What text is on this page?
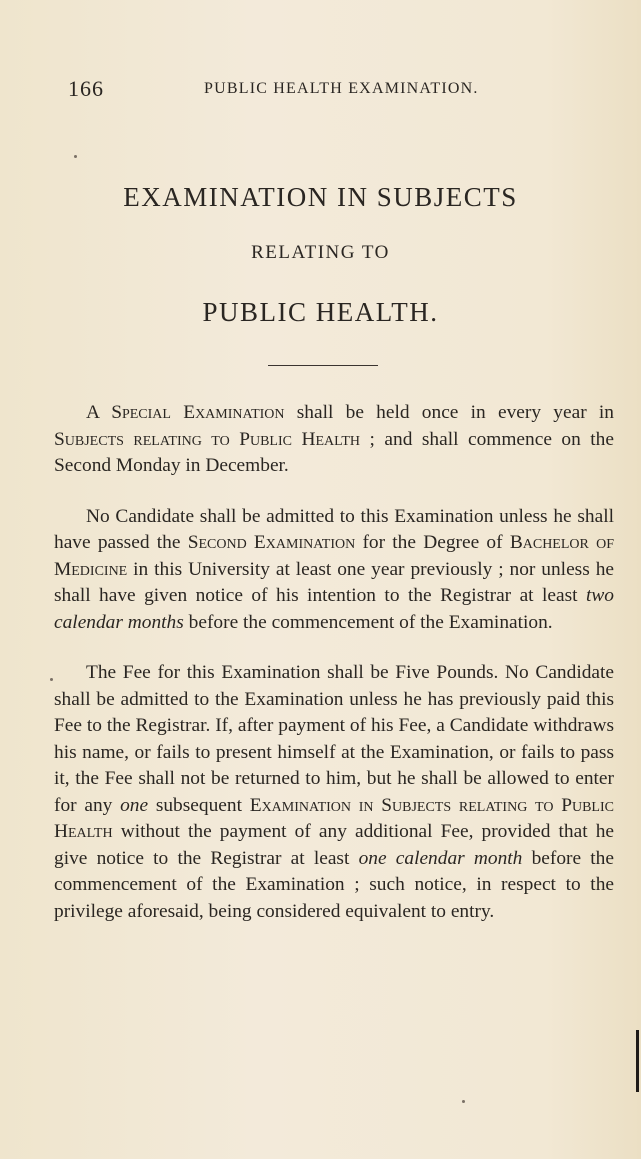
166	PUBLIC HEALTH EXAMINATION.
EXAMINATION IN SUBJECTS
RELATING TO
PUBLIC HEALTH.

A Special Examination shall be held once in every year in Subjects relating to Public Health ; and shall commence on the Second Monday in December.

No Candidate shall be admitted to this Examination unless he shall have passed the Second Examination for the Degree of Bachelor of Medicine in this University at least one year previously ; nor unless he shall have given notice of his intention to the Registrar at least two calendar months before the commencement of the Examination.

The Fee for this Examination shall be Five Pounds. No Candidate shall be admitted to the Examination unless he has previously paid this Fee to the Registrar. If, after payment of his Fee, a Candidate withdraws his name, or fails to present himself at the Examination, or fails to pass it, the Fee shall not be returned to him, but he shall be allowed to enter for any one subsequent Examination in Subjects relating to Public Health without the payment of any additional Fee, provided that he give notice to the Registrar at least one calendar month before the commencement of the Examination ; such notice, in respect to the privilege aforesaid, being considered equivalent to entry.
